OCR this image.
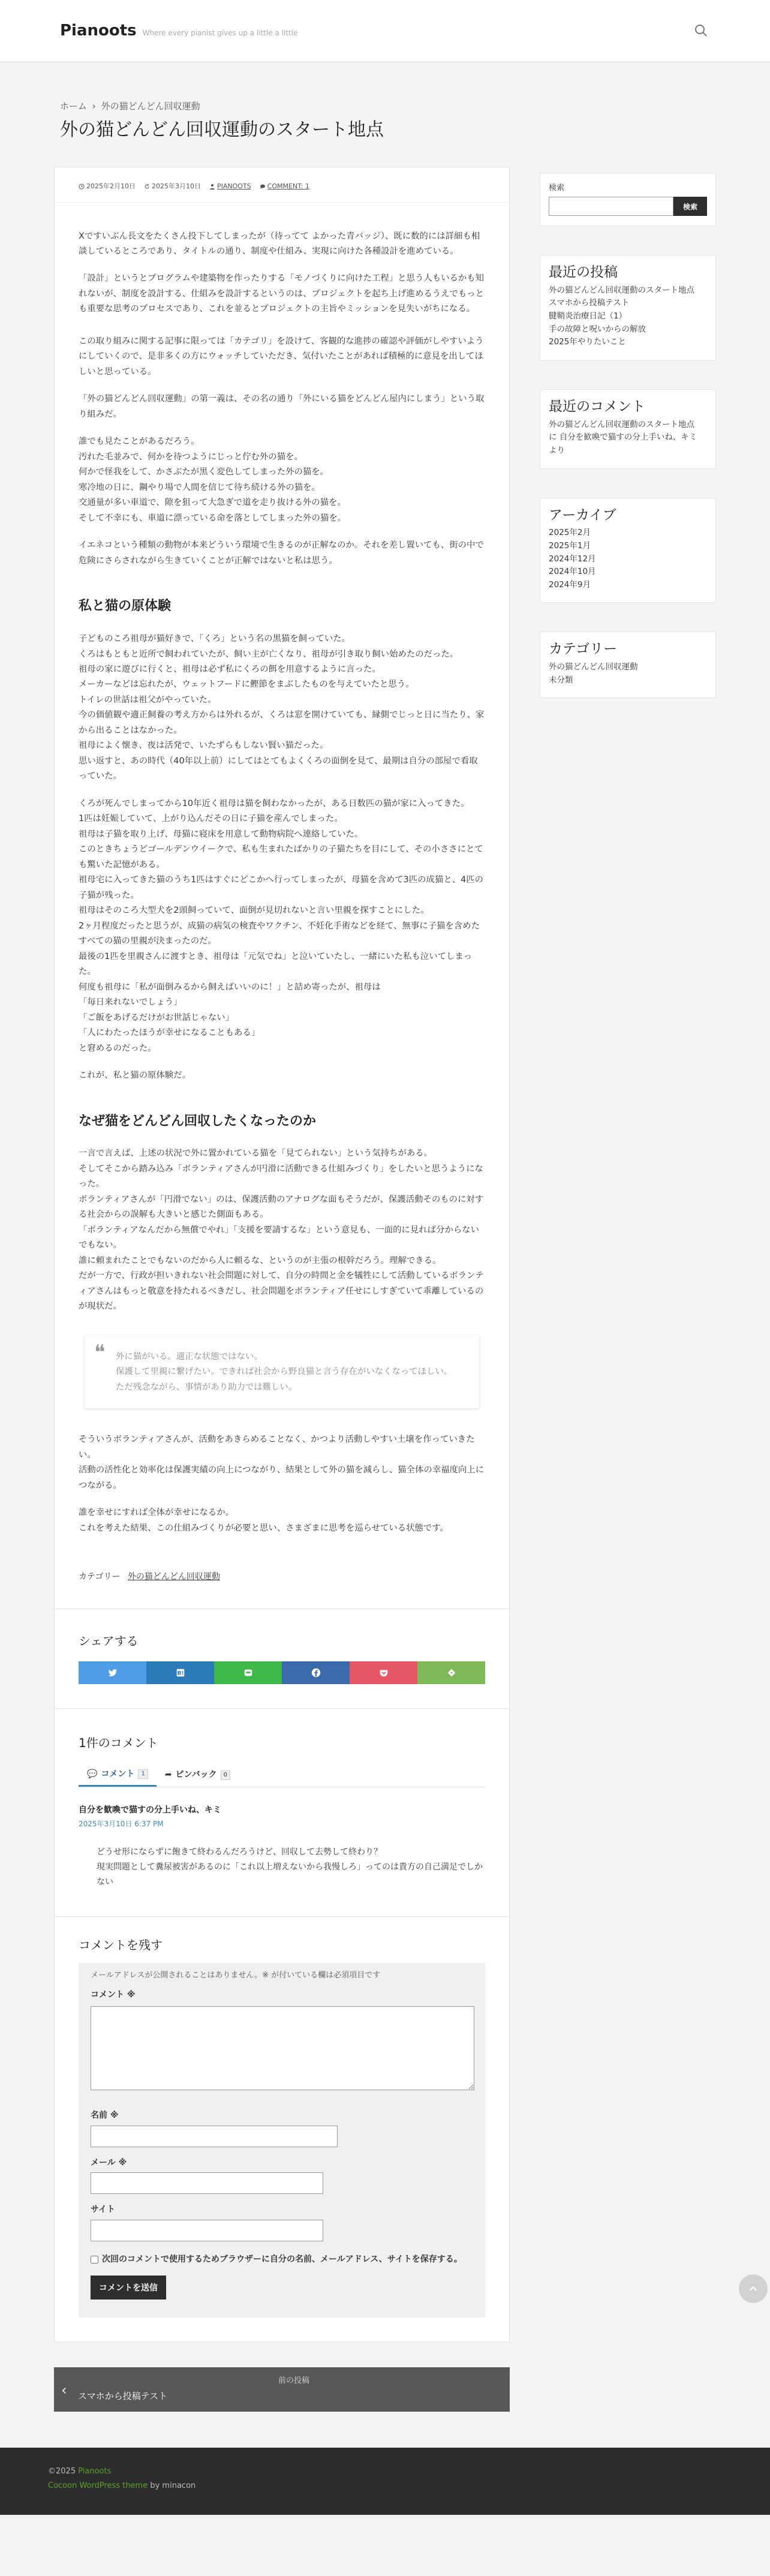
Pianoots Where every pianist gives up a little a little
ホーム › 外の猫どんどん回収運動
外の猫どんどん回収運動のスタート地点
2025年2月10日 2025年3月10日 PIANOOTS COMMENT: 1

Xですいぶん長文をたくさん投下してしまったが（待ってて よかった青バッジ）、既に数的には詳細も相談しているところであり、タイトルの通り、制度や仕組み、実現に向けた各種設計を進めている。

「設計」というとプログラムや建築物を作ったりする「モノづくりに向けた工程」と思う人もいるかも知れないが、制度を設計する、仕組みを設計するというのは、プロジェクトを起ち上げ進めるうえでもっとも重要な思考のプロセスであり、これを並るとプロジェクトの主旨やミッションを見失いがちになる。

この取り組みに関する記事に限っては「カテゴリ」を設けて、客観的な進捗の確認や評価がしやすいようにしていくので、是非多くの方にウォッチしていただき、気付いたことがあれば積極的に意見を出してほしいと思っている。

「外の猫どんどん回収運動」の第一義は、その名の通り「外にいる猫をどんどん屋内にしまう」という取り組みだ。

誰でも見たことがあるだろう。
汚れた毛並みで、何かを待つようにじっと佇む外の猫を。
何かで怪我をして、かさぶたが黒く変色してしまった外の猫を。
寒冷地の日に、鋼やり場で人間を信じて待ち続ける外の猫を。
交通量が多い車道で、隙を狙って大急ぎで道を走り抜ける外の猫を。
そして不幸にも、車道に漂っている命を落としてしまった外の猫を。

イエネコという種類の動物が本来どういう環境で生きるのが正解なのか。それを差し置いても、街の中で危険にさらされながら生きていくことが正解ではないと私は思う。

私と猫の原体験

子どものころ祖母が猫好きで、「くろ」という名の黒猫を飼っていた。
くろはもともと近所で飼われていたが、飼い主が亡くなり、祖母が引き取り飼い始めたのだった。
祖母の家に遊びに行くと、祖母は必ず私にくろの餌を用意するように言った。
メーカーなどは忘れたが、ウェットフードに鰹節をまぶしたものを与えていたと思う。
トイレの世話は祖父がやっていた。
今の価値観や適正飼養の考え方からは外れるが、くろは窓を開けていても、縁側でじっと日に当たり、家から出ることはなかった。
祖母によく懐き、夜は活発で、いたずらもしない賢い猫だった。
思い返すと、あの時代（40年以上前）にしてはとてもよくくろの面倒を見て、最期は自分の部屋で看取っていた。

くろが死んでしまってから10年近く祖母は猫を飼わなかったが、ある日数匹の猫が家に入ってきた。
1匹は妊娠していて、上がり込んだその日に子猫を産んでしまった。
祖母は子猫を取り上げ、母猫に寝床を用意して動物病院へ連絡していた。
このときちょうどゴールデンウイークで、私も生まれたばかりの子猫たちを目にして、その小ささにとても驚いた記憶がある。
祖母宅に入ってきた猫のうち1匹はすぐにどこかへ行ってしまったが、母猫を含めて3匹の成猫と、4匹の子猫が残った。
祖母はそのころ大型犬を2頭飼っていて、面倒が見切れないと言い里親を探すことにした。
2ヶ月程度だったと思うが、成猫の病気の検査やワクチン、不妊化手術などを経て、無事に子猫を含めたすべての猫の里親が決まったのだ。
最後の1匹を里親さんに渡すとき、祖母は「元気でね」と泣いていたし、一緒にいた私も泣いてしまった。
何度も祖母に「私が面倒みるから飼えばいいのに！」と詰め寄ったが、祖母は
「毎日来れないでしょう」
「ご飯をあげるだけがお世話じゃない」
「人にわたったほうが幸せになることもある」
と窘めるのだった。

これが、私と猫の原体験だ。

なぜ猫をどんどん回収したくなったのか

一言で言えば、上述の状況で外に置かれている猫を「見てられない」という気持ちがある。
そしてそこから踏み込み「ボランティアさんが円滑に活動できる仕組みづくり」をしたいと思うようになった。
ボランティアさんが「円滑でない」のは、保護活動のアナログな面もそうだが、保護活動そのものに対する社会からの誤解も大きいと感じた側面もある。
「ボランティアなんだから無償でやれ」「支援を要請するな」という意見も、一面的に見れば分からないでもない。
誰に頼まれたことでもないのだから人に頼るな、というのが主張の根幹だろう。理解できる。
だが一方で、行政が担いきれない社会問題に対して、自分の時間と金を犠牲にして活動しているボランティアさんはもっと敬意を持たれるべきだし、社会問題をボランティア任せにしすぎていて乖離しているのが現状だ。

❝ 外に猫がいる。適正な状態ではない。
保護して里親に繋げたい。できれば社会から野良猫と言う存在がいなくなってほしい。
ただ残念ながら、事情があり助力では難しい。

そういうボランティアさんが、活動をあきらめることなく、かつより活動しやすい土壌を作っていきたい。
活動の活性化と効率化は保護実績の向上につながり、結果として外の猫を減らし、猫全体の幸福度向上につながる。

誰を幸せにすれば全体が幸せになるか。
これを考えた結果、この仕組みづくりが必要と思い、さまざまに思考を巡らせている状態です。

カテゴリー 外の猫どんどん回収運動
シェアする
B!
1件のコメント
💬 コメント	1	➦ ピンバック	0
自分を歓喚で猫すの分上手いね、キミ
2025年3月10日 6:37 PM

どうせ形にならずに飽きて終わるんだろうけど、回収して去勢して終わり？
現実問題として糞尿被害があるのに「これ以上増えないから我慢しろ」ってのは貴方の自己満足でしかない

コメントを残す

メールアドレスが公開されることはありません。※ が付いている欄は必須項目です

コメント ※
名前 ※
メール ※
サイト
次回のコメントで使用するためブラウザーに自分の名前、メールアドレス、サイトを保存する。
コメントを送信
‹
前の投稿
スマホから投稿テスト
検索
検索
最近の投稿
外の猫どんどん回収運動のスタート地点
スマホから投稿テスト
腱鞘炎治療日記（1）
手の故障と呪いからの解放
2025年やりたいこと
最近のコメント
外の猫どんどん回収運動のスタート地点
に 自分を歓喚で猫すの分上手いね、キミ より
アーカイブ
2025年2月
2025年1月
2024年12月
2024年10月
2024年9月
カテゴリー
外の猫どんどん回収運動
未分類
©2025 Pianoots
Cocoon WordPress theme by minacon
